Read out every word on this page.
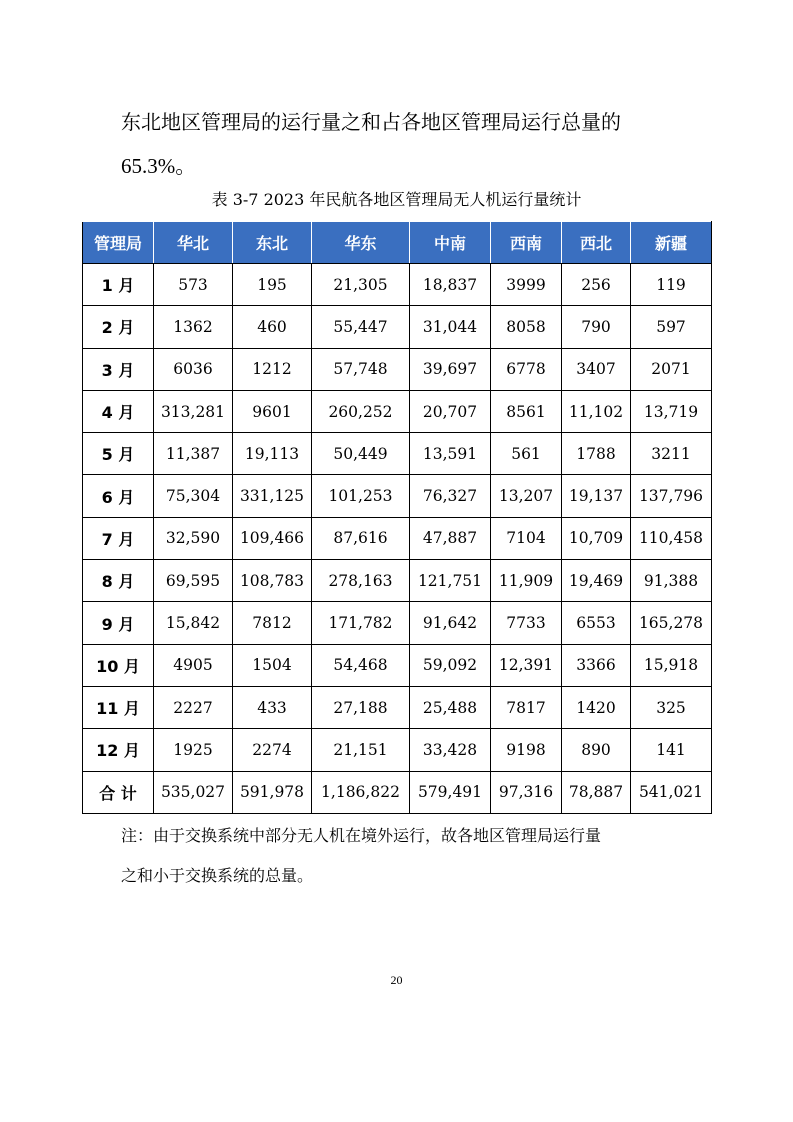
东北地区管理局的运行量之和占各地区管理局运行总量的
65.3%。
表 3-7 2023 年民航各地区管理局无人机运行量统计
管理局	华北	东北	华东	中南	西南	西北	新疆
1 月	573	195	21,305	18,837	3999	256	119
2 月	1362	460	55,447	31,044	8058	790	597
3 月	6036	1212	57,748	39,697	6778	3407	2071
4 月	313,281	9601	260,252	20,707	8561	11,102	13,719
5 月	11,387	19,113	50,449	13,591	561	1788	3211
6 月	75,304	331,125	101,253	76,327	13,207	19,137	137,796
7 月	32,590	109,466	87,616	47,887	7104	10,709	110,458
8 月	69,595	108,783	278,163	121,751	11,909	19,469	91,388
9 月	15,842	7812	171,782	91,642	7733	6553	165,278
10 月	4905	1504	54,468	59,092	12,391	3366	15,918
11 月	2227	433	27,188	25,488	7817	1420	325
12 月	1925	2274	21,151	33,428	9198	890	141
合 计	535,027	591,978	1,186,822	579,491	97,316	78,887	541,021
注：由于交换系统中部分无人机在境外运行，故各地区管理局运行量
之和小于交换系统的总量。
20
